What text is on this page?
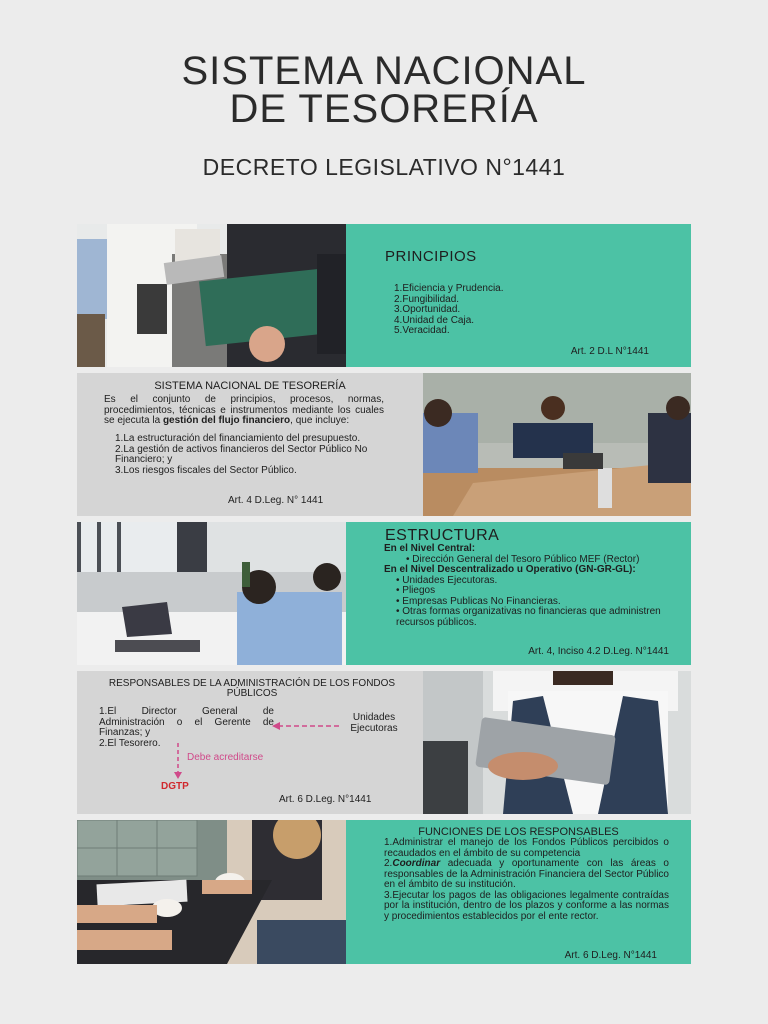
SISTEMA NACIONAL
DE TESORERÍA
DECRETO LEGISLATIVO N°1441
PRINCIPIOS
1.Eficiencia y Prudencia.
2.Fungibilidad.
3.Oportunidad.
4.Unidad de Caja.
5.Veracidad.
Art. 2 D.L N°1441
SISTEMA NACIONAL DE TESORERÍA
Es el conjunto de principios, procesos, normas, procedimientos, técnicas e instrumentos mediante los cuales se ejecuta la gestión del flujo financiero, que incluye:
1.La estructuración del financiamiento del presupuesto.
2.La gestión de activos financieros del Sector Público No Financiero; y
3.Los riesgos fiscales del Sector Público.
Art. 4 D.Leg. N° 1441
ESTRUCTURA
En el Nivel Central:
• Dirección General del Tesoro Público MEF (Rector)
En el Nivel Descentralizado u Operativo (GN-GR-GL):
• Unidades Ejecutoras.
• Pliegos
• Empresas Publicas No Financieras.
• Otras formas organizativas no financieras que administren recursos públicos.
Art. 4, Inciso 4.2 D.Leg. N°1441
RESPONSABLES DE LA ADMINISTRACIÓN DE LOS FONDOS PÚBLICOS
1.El Director General de Administración o el Gerente de Finanzas; y
2.El Tesorero.
Unidades Ejecutoras
Debe acreditarse
DGTP
Art. 6 D.Leg. N°1441
FUNCIONES DE LOS RESPONSABLES
1.Administrar el manejo de los Fondos Públicos percibidos o recaudados en el ámbito de su competencia
2.Coordinar adecuada y oportunamente con las áreas o responsables de la Administración Financiera del Sector Público en el ámbito de su institución.
3.Ejecutar los pagos de las obligaciones legalmente contraídas por la institución, dentro de los plazos y conforme a las normas y procedimientos establecidos por el ente rector.
Art. 6 D.Leg. N°1441
